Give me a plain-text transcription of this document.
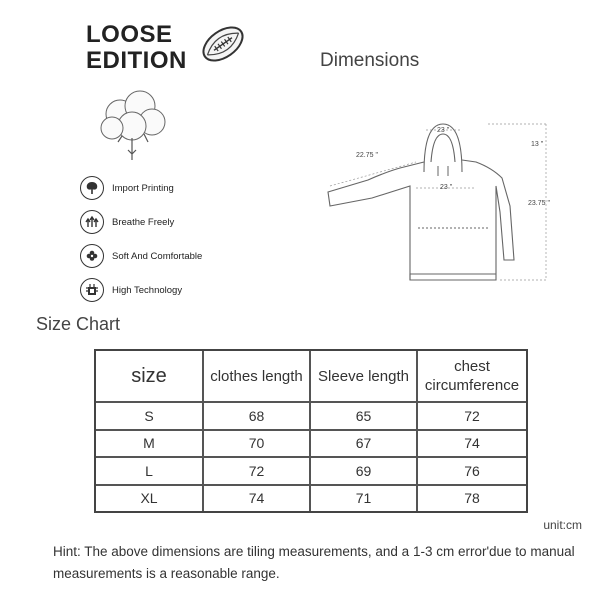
LOOSE
EDITION	Dimensions
23 "
13 "
22.75 "
23 "
23.75 "
Import Printing
Breathe Freely
Soft And Comfortable
High Technology
Size Chart
size	clothes length	Sleeve length	chest circumference
S	68	65	72
M	70	67	74
L	72	69	76
XL	74	71	78
unit:cm
Hint: The above dimensions are tiling measurements, and a 1-3 cm error'due to manual measurements is a reasonable range.
